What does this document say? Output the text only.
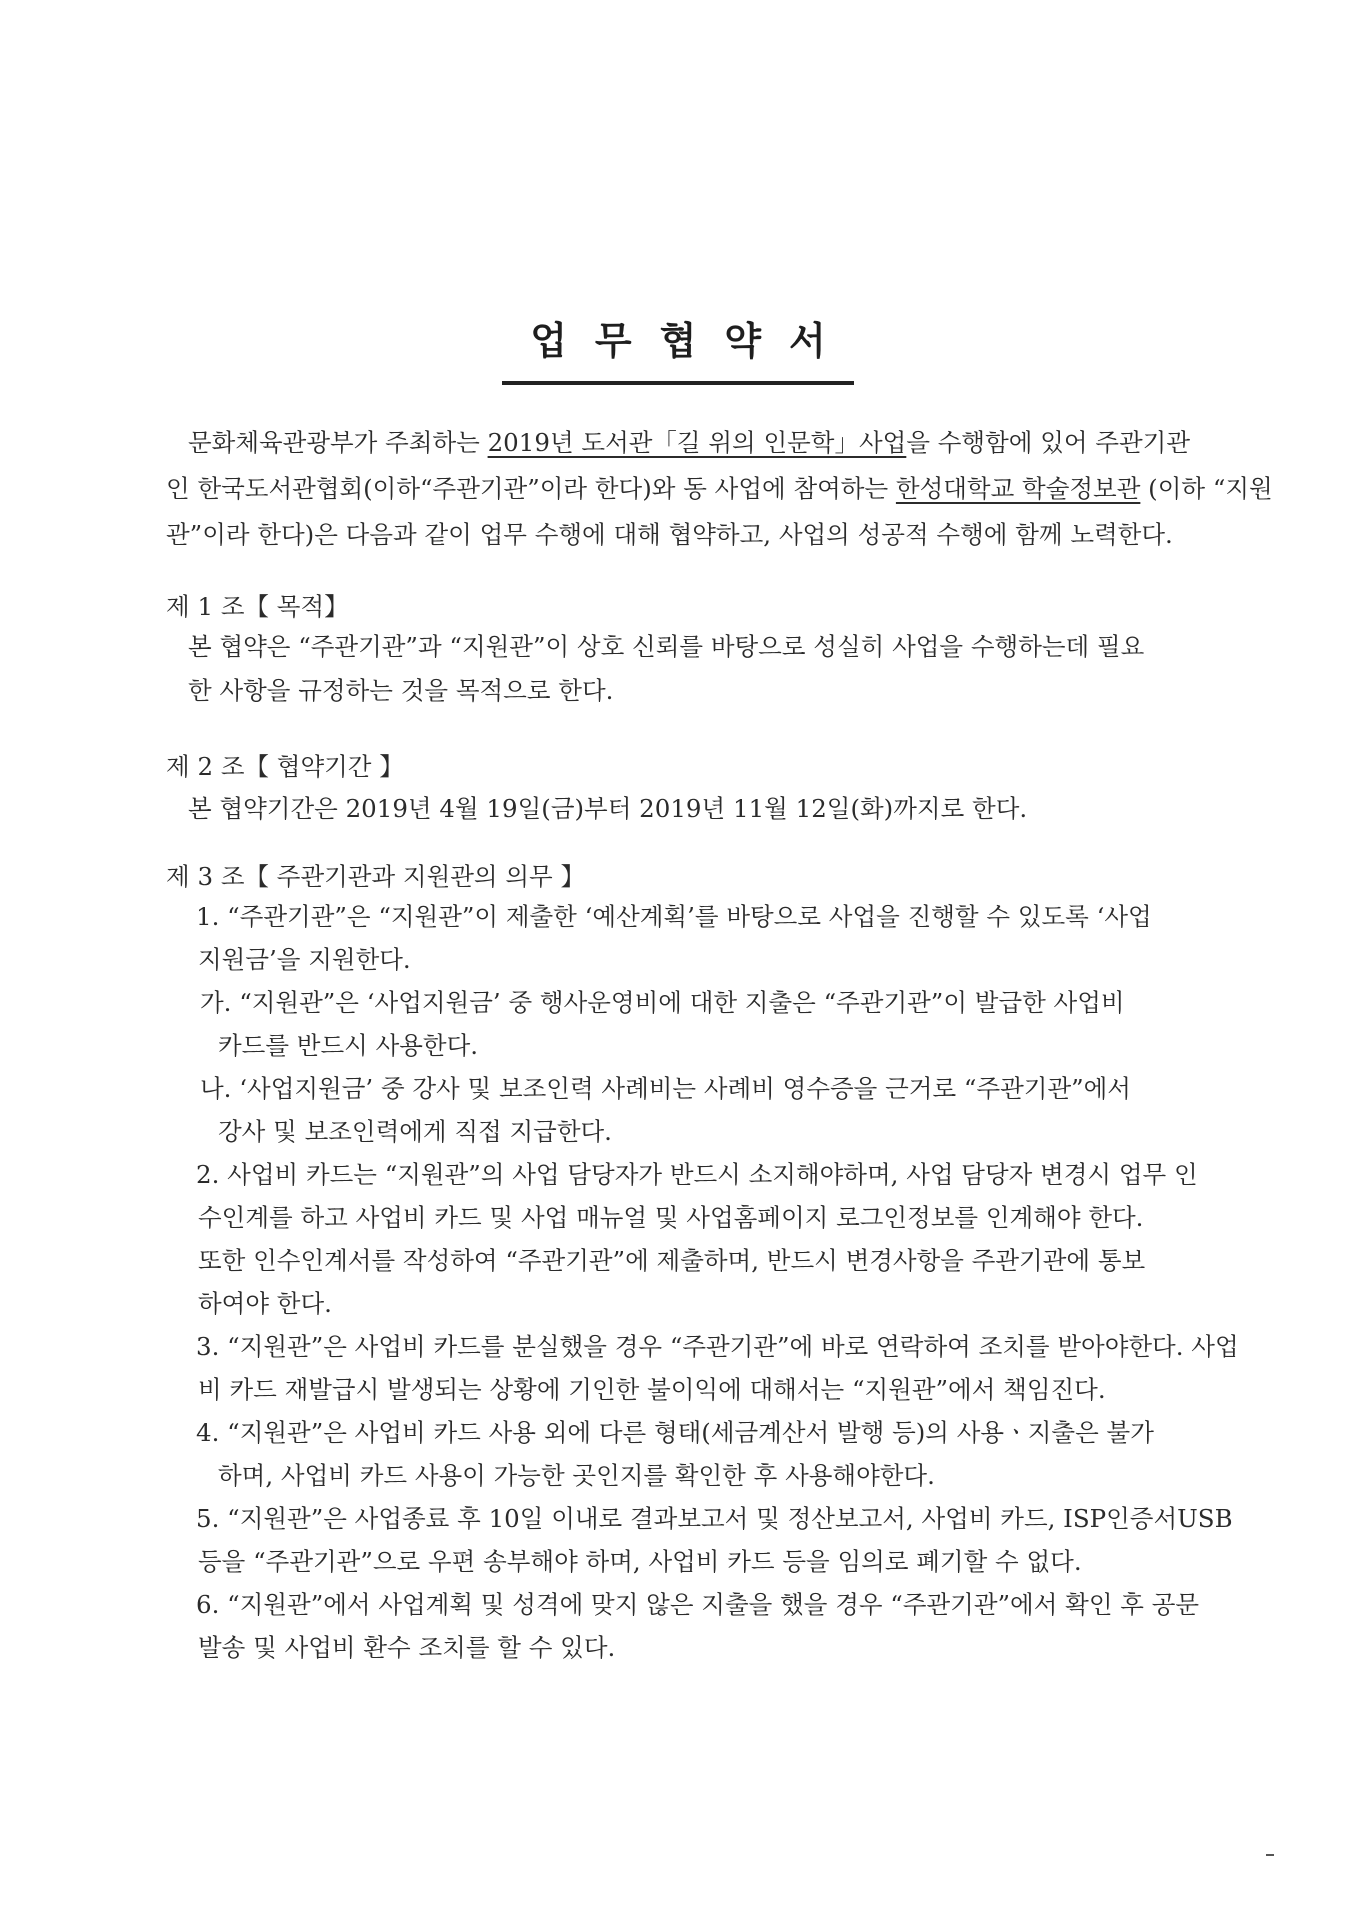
업무협약서
문화체육관광부가 주최하는 2019년 도서관「길 위의 인문학」사업을 수행함에 있어 주관기관
인 한국도서관협회(이하“주관기관”이라 한다)와 동 사업에 참여하는 한성대학교 학술정보관 (이하 “지원
관”이라 한다)은 다음과 같이 업무 수행에 대해 협약하고, 사업의 성공적 수행에 함께 노력한다.
제 1 조【 목적】
본 협약은 “주관기관”과 “지원관”이 상호 신뢰를 바탕으로 성실히 사업을 수행하는데 필요
한 사항을 규정하는 것을 목적으로 한다.
제 2 조【 협약기간 】
본 협약기간은 2019년 4월 19일(금)부터 2019년 11월 12일(화)까지로 한다.
제 3 조【 주관기관과 지원관의 의무 】
1. “주관기관”은 “지원관”이 제출한 ‘예산계획’를 바탕으로 사업을 진행할 수 있도록 ‘사업
지원금’을 지원한다.
가. “지원관”은 ‘사업지원금’ 중 행사운영비에 대한 지출은 “주관기관”이 발급한 사업비
카드를 반드시 사용한다.
나. ‘사업지원금’ 중 강사 및 보조인력 사례비는 사례비 영수증을 근거로 “주관기관”에서
강사 및 보조인력에게 직접 지급한다.
2. 사업비 카드는 “지원관”의 사업 담당자가 반드시 소지해야하며, 사업 담당자 변경시 업무 인
수인계를 하고 사업비 카드 및 사업 매뉴얼 및 사업홈페이지 로그인정보를 인계해야 한다.
또한 인수인계서를 작성하여 “주관기관”에 제출하며, 반드시 변경사항을 주관기관에 통보
하여야 한다.
3. “지원관”은 사업비 카드를 분실했을 경우 “주관기관”에 바로 연락하여 조치를 받아야한다. 사업
비 카드 재발급시 발생되는 상황에 기인한 불이익에 대해서는 “지원관”에서 책임진다.
4. “지원관”은 사업비 카드 사용 외에 다른 형태(세금계산서 발행 등)의 사용ㆍ지출은 불가
하며, 사업비 카드 사용이 가능한 곳인지를 확인한 후 사용해야한다.
5. “지원관”은 사업종료 후 10일 이내로 결과보고서 및 정산보고서, 사업비 카드, ISP인증서USB
등을 “주관기관”으로 우편 송부해야 하며, 사업비 카드 등을 임의로 폐기할 수 없다.
6. “지원관”에서 사업계획 및 성격에 맞지 않은 지출을 했을 경우 “주관기관”에서 확인 후 공문
발송 및 사업비 환수 조치를 할 수 있다.
